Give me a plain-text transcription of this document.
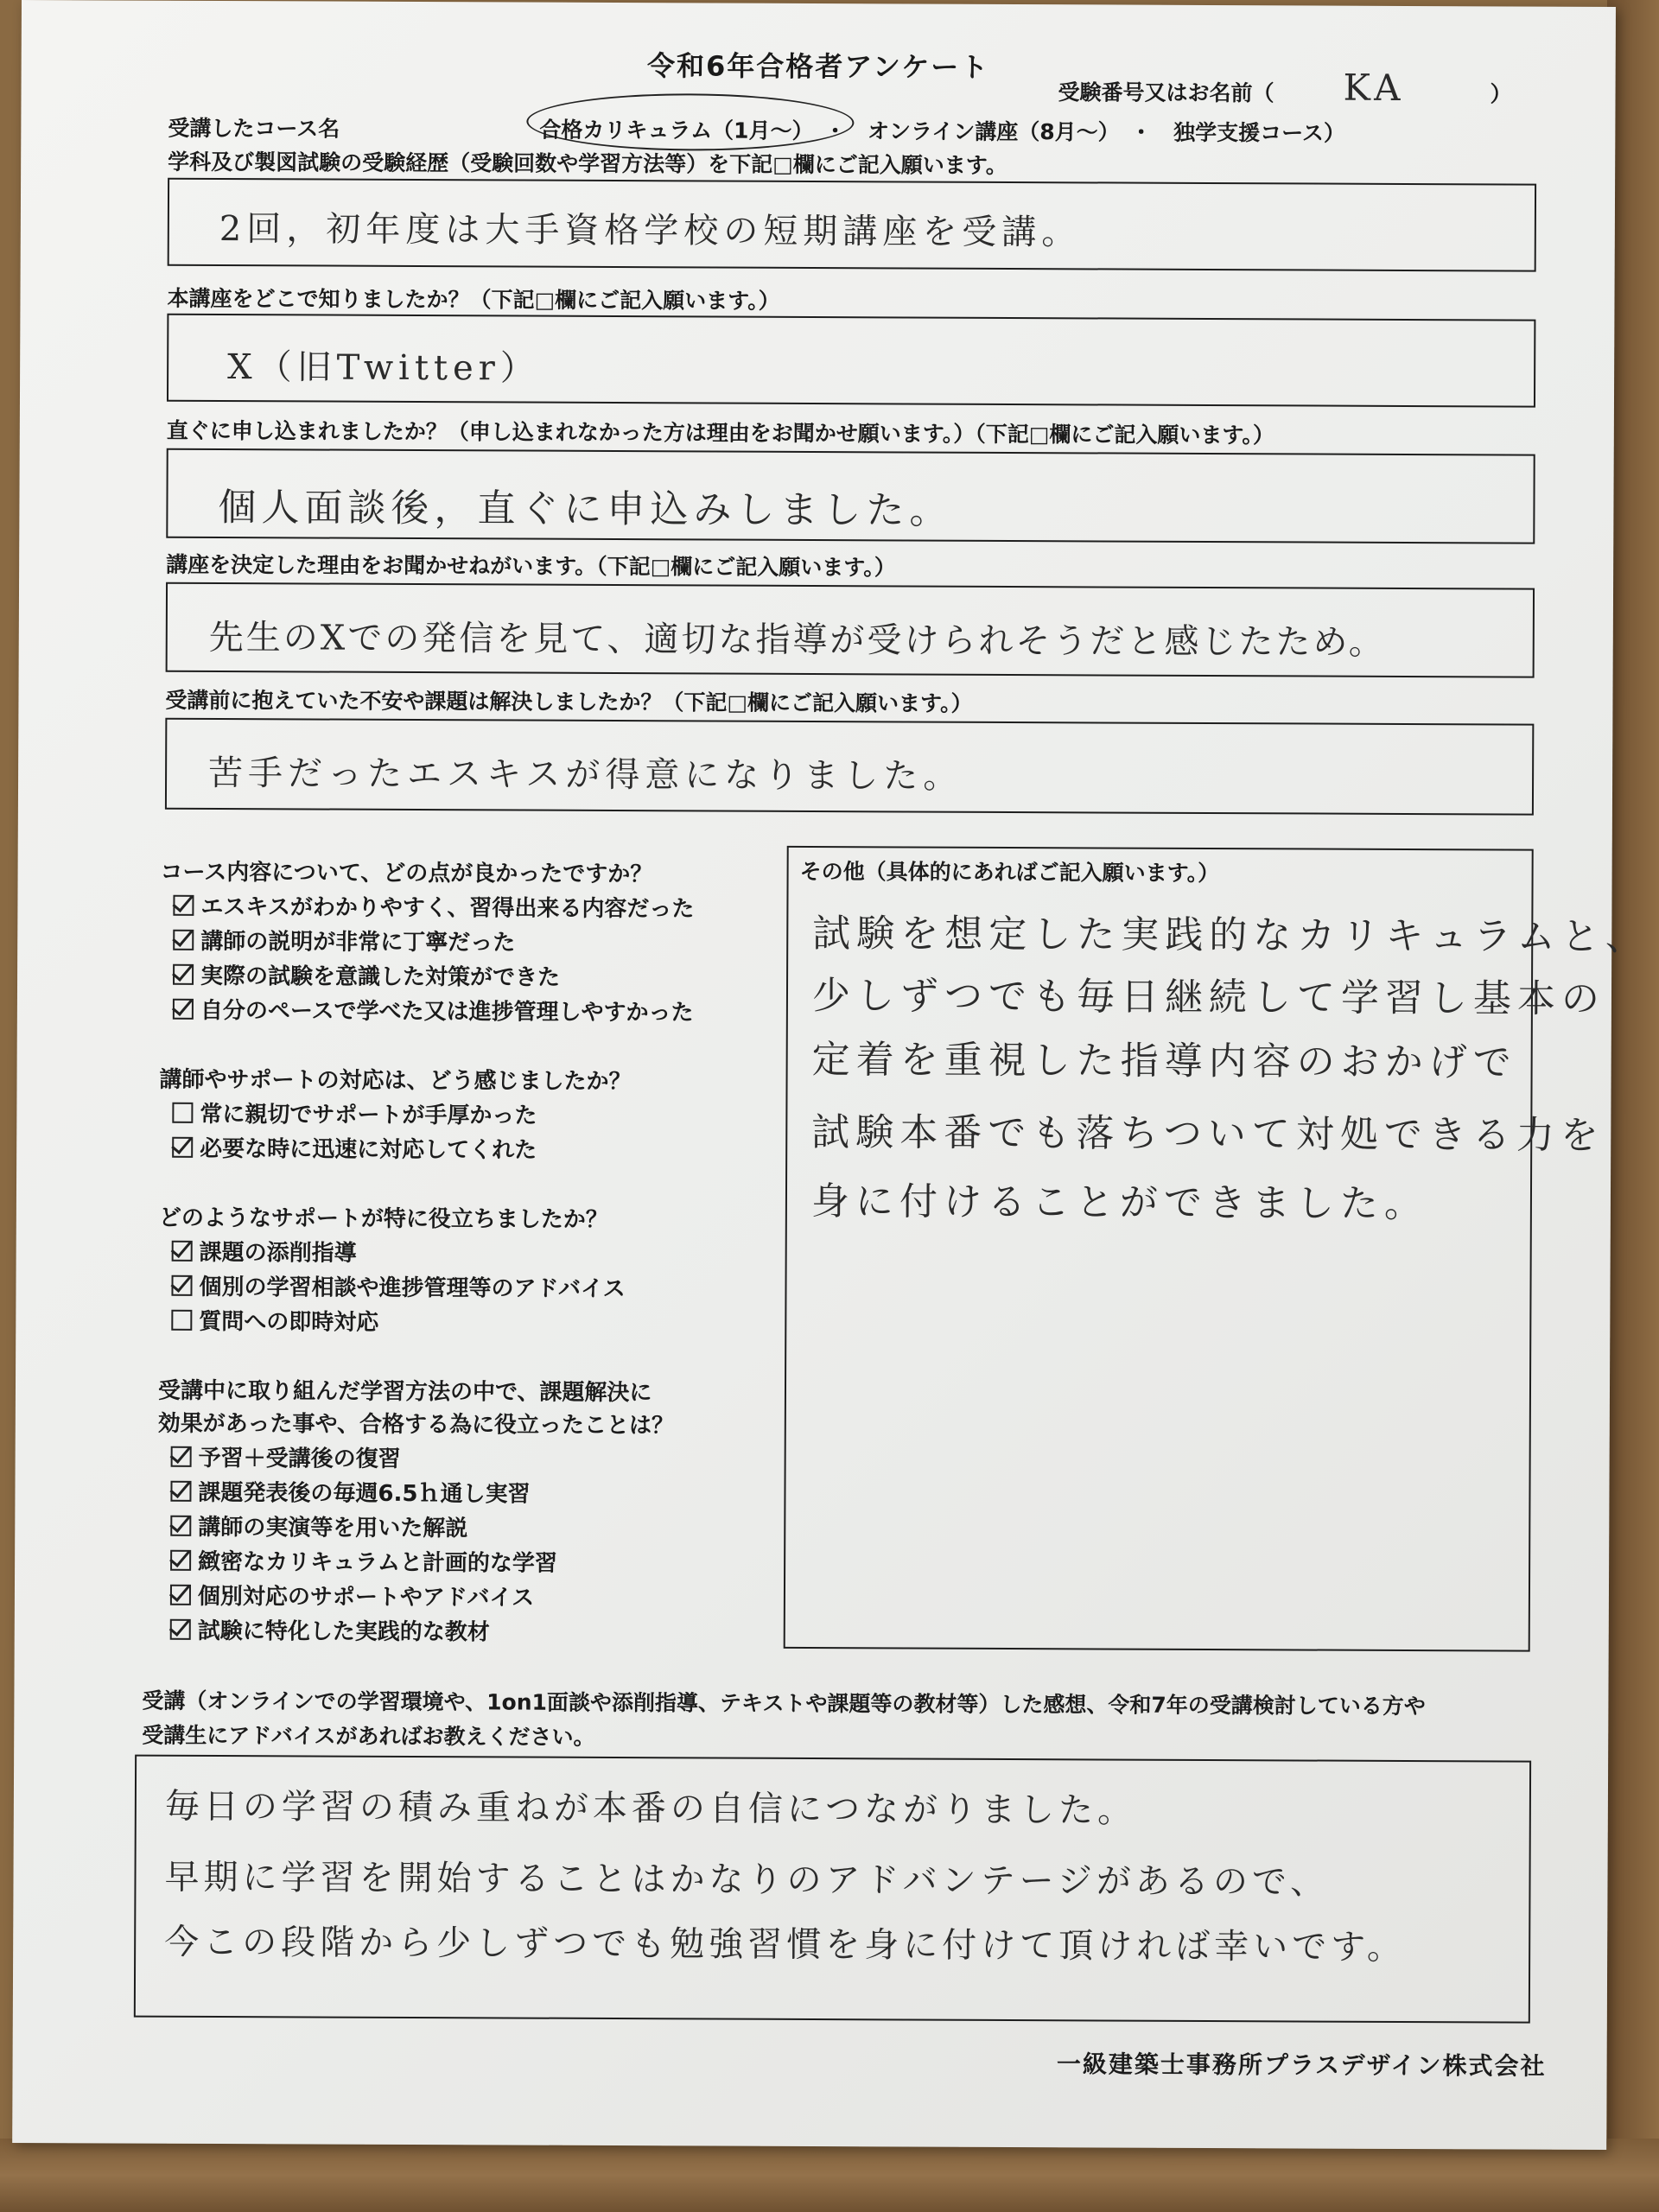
令和6年合格者アンケート
受験番号又はお名前（ KA	）
受講したコース名	合格カリキュラム（1月～）　・　オンライン講座（8月～）　・　独学支援コース）
学科及び製図試験の受験経歴（受験回数や学習方法等）を下記□欄にご記入願います。
2回，初年度は大手資格学校の短期講座を受講。
本講座をどこで知りましたか？（下記□欄にご記入願います。）
X（旧Twitter）
直ぐに申し込まれましたか？（申し込まれなかった方は理由をお聞かせ願います。）（下記□欄にご記入願います。）
個人面談後，直ぐに申込みしました。
講座を決定した理由をお聞かせねがいます。（下記□欄にご記入願います。）
先生のXでの発信を見て、適切な指導が受けられそうだと感じたため。
受講前に抱えていた不安や課題は解決しましたか？（下記□欄にご記入願います。）
苦手だったエスキスが得意になりました。
コース内容について、どの点が良かったですか？
エスキスがわかりやすく、習得出来る内容だった
講師の説明が非常に丁寧だった
実際の試験を意識した対策ができた
自分のペースで学べた又は進捗管理しやすかった
講師やサポートの対応は、どう感じましたか？
常に親切でサポートが手厚かった
必要な時に迅速に対応してくれた
どのようなサポートが特に役立ちましたか？
課題の添削指導
個別の学習相談や進捗管理等のアドバイス
質問への即時対応
受講中に取り組んだ学習方法の中で、課題解決に
効果があった事や、合格する為に役立ったことは？
予習＋受講後の復習
課題発表後の毎週6.5ｈ通し実習
講師の実演等を用いた解説
緻密なカリキュラムと計画的な学習
個別対応のサポートやアドバイス
試験に特化した実践的な教材
その他（具体的にあればご記入願います。）
試験を想定した実践的なカリキュラムと、
少しずつでも毎日継続して学習し基本の
定着を重視した指導内容のおかげで
試験本番でも落ちついて対処できる力を
身に付けることができました。
受講（オンラインでの学習環境や、1on1面談や添削指導、テキストや課題等の教材等）した感想、令和7年の受講検討している方や
受講生にアドバイスがあればお教えください。
毎日の学習の積み重ねが本番の自信につながりました。
早期に学習を開始することはかなりのアドバンテージがあるので、
今この段階から少しずつでも勉強習慣を身に付けて頂ければ幸いです。
一級建築士事務所プラスデザイン株式会社
